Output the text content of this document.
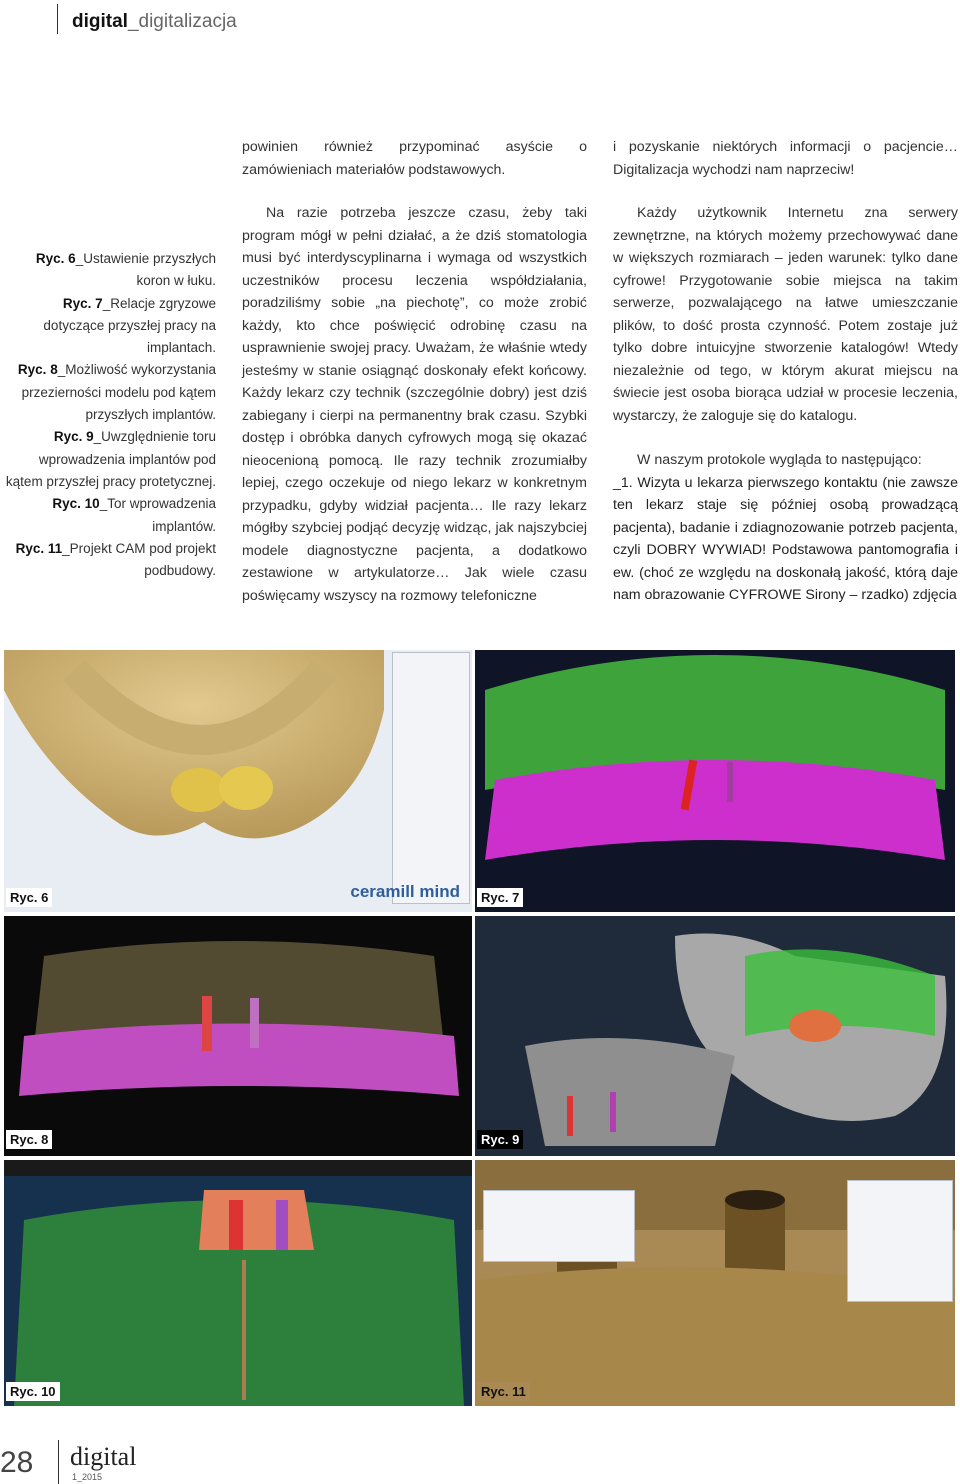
digital_digitalizacja
Ryc. 6_Ustawienie przyszłych koron w łuku.
Ryc. 7_Relacje zgryzowe dotyczące przyszłej pracy na implantach.
Ryc. 8_Możliwość wykorzystania przezierności modelu pod kątem przyszłych implantów.
Ryc. 9_Uwzględnienie toru wprowadzenia implantów pod kątem przyszłej pracy protetycznej.
Ryc. 10_Tor wprowadzenia implantów.
Ryc. 11_Projekt CAM pod projekt podbudowy.

powinien również przypominać asyście o zamówieniach materiałów podstawowych.

Na razie potrzeba jeszcze czasu, żeby taki program mógł w pełni działać, a że dziś stomatologia musi być interdyscyplinarna i wymaga od wszystkich uczestników procesu leczenia współdziałania, poradziliśmy sobie „na piechotę”, co może zrobić każdy, kto chce poświęcić odrobinę czasu na usprawnienie swojej pracy. Uważam, że właśnie wtedy jesteśmy w stanie osiągnąć doskonały efekt końcowy. Każdy lekarz czy technik (szczególnie dobry) jest dziś zabiegany i cierpi na permanentny brak czasu. Szybki dostęp i obróbka danych cyfrowych mogą się okazać nieocenioną pomocą. Ile razy technik zrozumiałby lepiej, czego oczekuje od niego lekarz w konkretnym przypadku, gdyby widział pacjenta… Ile razy lekarz mógłby szybciej podjąć decyzję widząc, jak najszybciej modele diagnostyczne pacjenta, a dodatkowo zestawione w artykulatorze… Jak wiele czasu poświęcamy wszyscy na rozmowy telefoniczne

i pozyskanie niektórych informacji o pacjencie… Digitalizacja wychodzi nam naprzeciw!

Każdy użytkownik Internetu zna serwery zewnętrzne, na których możemy przechowywać dane w większych rozmiarach – jeden warunek: tylko dane cyfrowe! Przygotowanie sobie miejsca na takim serwerze, pozwalającego na łatwe umieszczanie plików, to dość prosta czynność. Potem zostaje już tylko dobre intuicyjne stworzenie katalogów! Wtedy niezależnie od tego, w którym akurat miejscu na świecie jest osoba biorąca udział w procesie leczenia, wystarczy, że zaloguje się do katalogu.

W naszym protokole wygląda to następująco:

_1. Wizyta u lekarza pierwszego kontaktu (nie zawsze ten lekarz staje się później osobą prowadzącą pacjenta), badanie i zdiagnozowanie potrzeb pacjenta, czyli DOBRY WYWIAD! Podstawowa pantomografia i ew. (choć ze względu na doskonałą jakość, którą daje nam obrazowanie CYFROWE Sirony – rzadko) zdjęcia

ceramill mind
Ryc. 6	Ryc. 7
Ryc. 8	Ryc. 9
Ryc. 10	Ryc. 11
28 digital
1_2015
